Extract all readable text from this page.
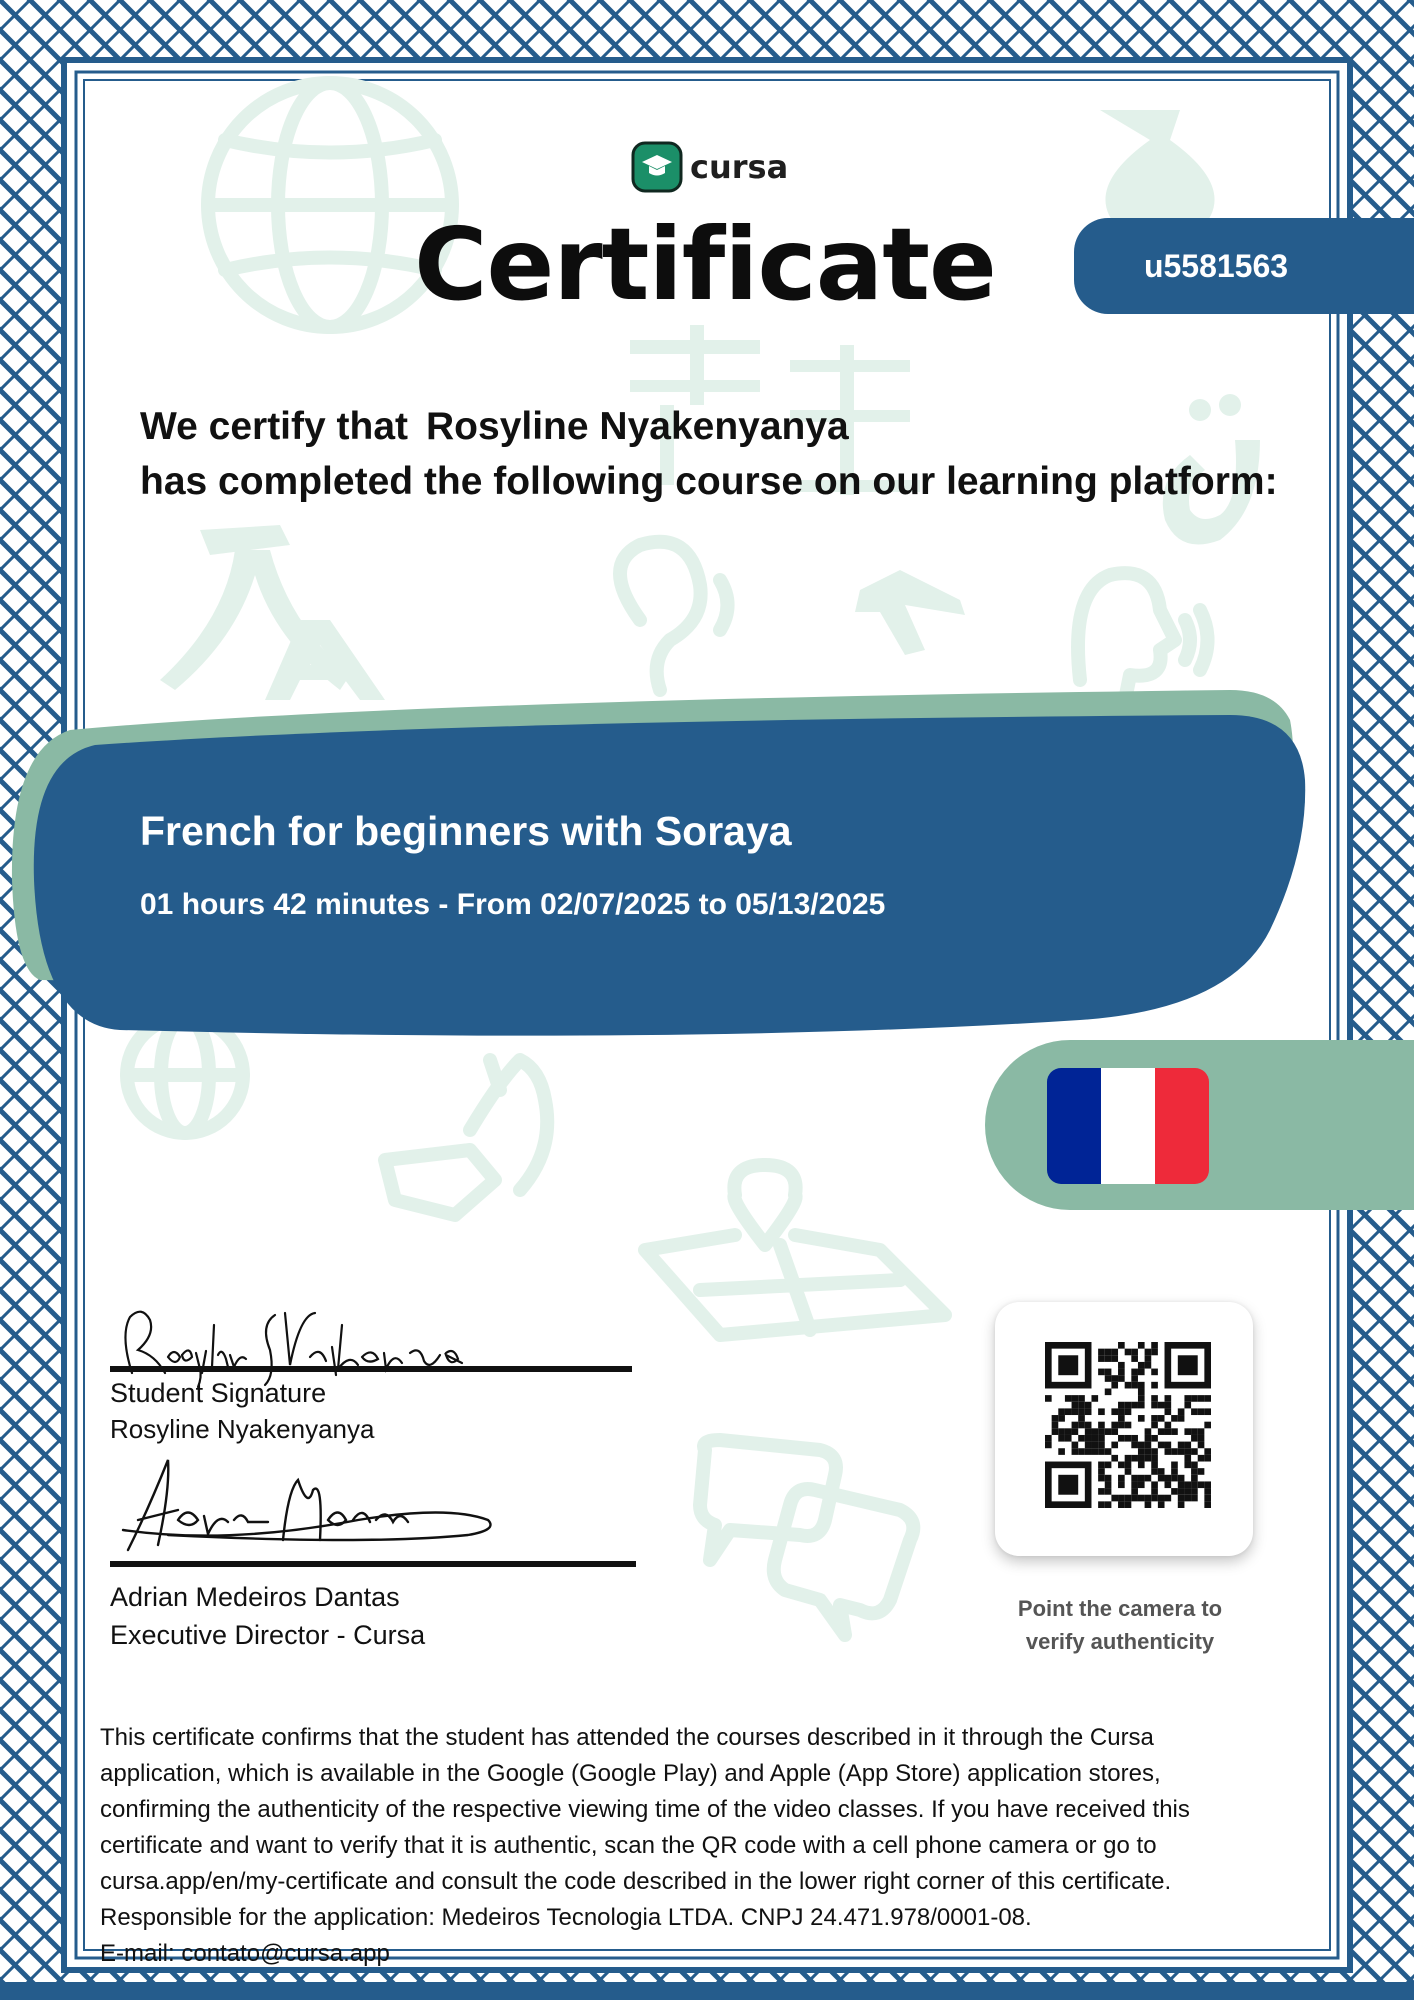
cursa
Certificate	u5581563
We certify that Rosyline Nyakenyanya
has completed the following course on our learning platform:
French for beginners with Soraya
01 hours 42 minutes - From 02/07/2025 to 05/13/2025
Student Signature
Rosyline Nyakenyanya
Adrian Medeiros Dantas
Executive Director - Cursa
Point the camera to
verify authenticity
This certificate confirms that the student has attended the courses described in it through the Cursa
application, which is available in the Google (Google Play) and Apple (App Store) application stores,
confirming the authenticity of the respective viewing time of the video classes. If you have received this
certificate and want to verify that it is authentic, scan the QR code with a cell phone camera or go to
cursa.app/en/my-certificate and consult the code described in the lower right corner of this certificate.
Responsible for the application: Medeiros Tecnologia LTDA. CNPJ 24.471.978/0001-08.
E-mail: contato@cursa.app
